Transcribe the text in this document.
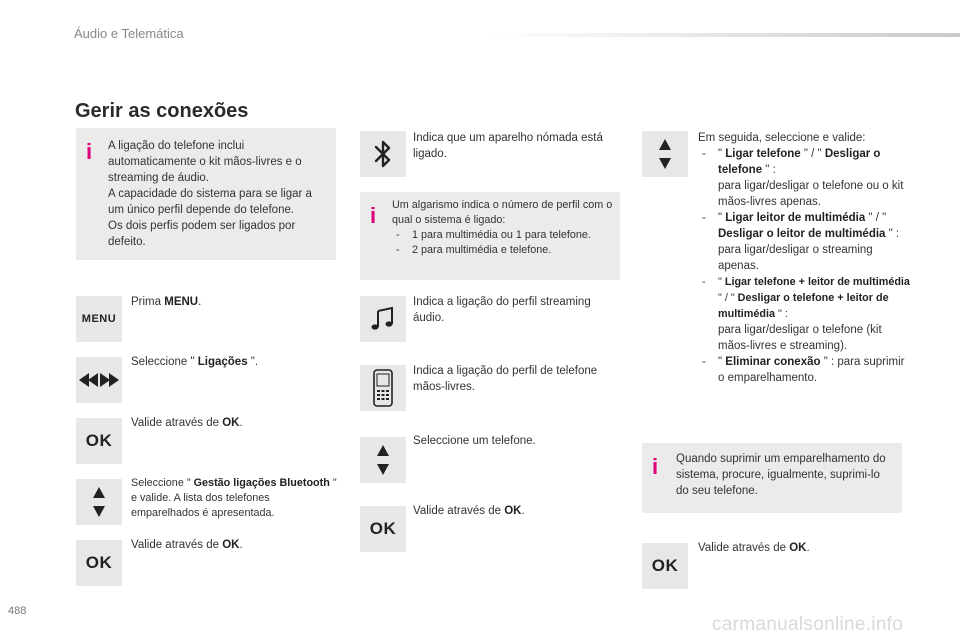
Áudio e Telemática
Gerir as conexões
i A ligação do telefone inclui automaticamente o kit mãos-livres e o streaming de áudio.
A capacidade do sistema para se ligar a um único perfil depende do telefone.
Os dois perfis podem ser ligados por defeito.
MENU
Prima MENU.
Seleccione " Ligações ".
OK
Valide através de OK.
Seleccione " Gestão ligações Bluetooth " e valide. A lista dos telefones emparelhados é apresentada.
OK
Valide através de OK.
Indica que um aparelho nómada está ligado.
i Um algarismo indica o número de perfil com o qual o sistema é ligado:
- 1 para multimédia ou 1 para telefone.
- 2 para multimédia e telefone.
Indica a ligação do perfil streaming áudio.
Indica a ligação do perfil de telefone mãos-livres.
Seleccione um telefone.
OK
Valide através de OK.
Em seguida, seleccione e valide:
- " Ligar telefone " / " Desligar o telefone " :
para ligar/desligar o telefone ou o kit mãos-livres apenas.
- " Ligar leitor de multimédia " / " Desligar o leitor de multimédia " :
para ligar/desligar o streaming apenas.
- " Ligar telefone + leitor de multimédia " / " Desligar o telefone + leitor de multimédia " :
para ligar/desligar o telefone (kit mãos-livres e streaming).
- " Eliminar conexão " : para suprimir o emparelhamento.
i Quando suprimir um emparelhamento do sistema, procure, igualmente, suprimi-lo do seu telefone.
OK
Valide através de OK.
488
carmanualsonline.info
